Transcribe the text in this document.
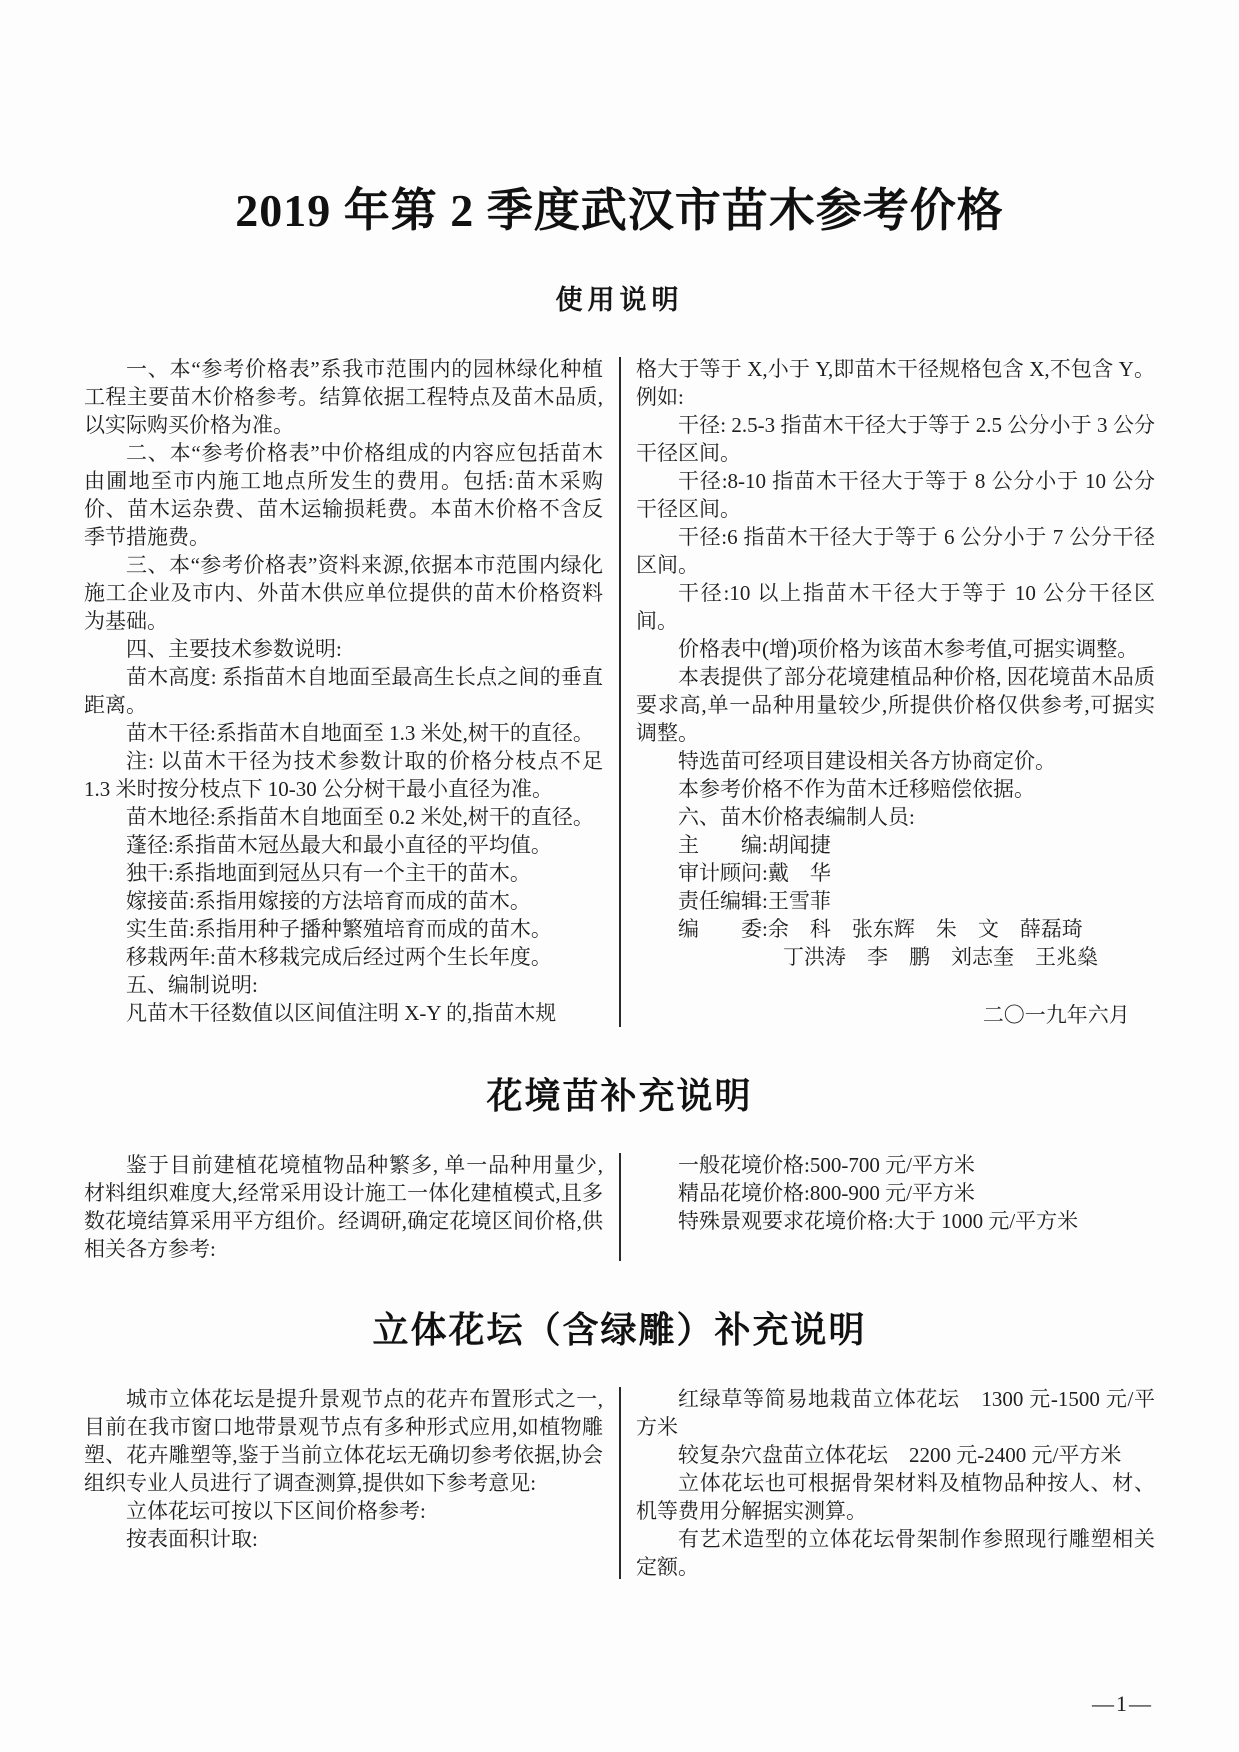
2019 年第 2 季度武汉市苗木参考价格
使用说明

一、本“参考价格表”系我市范围内的园林绿化种植工程主要苗木价格参考。结算依据工程特点及苗木品质,以实际购买价格为准。

二、本“参考价格表”中价格组成的内容应包括苗木由圃地至市内施工地点所发生的费用。包括:苗木采购价、苗木运杂费、苗木运输损耗费。本苗木价格不含反季节措施费。

三、本“参考价格表”资料来源,依据本市范围内绿化施工企业及市内、外苗木供应单位提供的苗木价格资料为基础。

四、主要技术参数说明:

苗木高度: 系指苗木自地面至最高生长点之间的垂直距离。

苗木干径:系指苗木自地面至 1.3 米处,树干的直径。

注: 以苗木干径为技术参数计取的价格分枝点不足 1.3 米时按分枝点下 10-30 公分树干最小直径为准。

苗木地径:系指苗木自地面至 0.2 米处,树干的直径。

蓬径:系指苗木冠丛最大和最小直径的平均值。

独干:系指地面到冠丛只有一个主干的苗木。

嫁接苗:系指用嫁接的方法培育而成的苗木。

实生苗:系指用种子播种繁殖培育而成的苗木。

移栽两年:苗木移栽完成后经过两个生长年度。

五、编制说明:

凡苗木干径数值以区间值注明 X-Y 的,指苗木规

格大于等于 X,小于 Y,即苗木干径规格包含 X,不包含 Y。例如:

干径: 2.5-3 指苗木干径大于等于 2.5 公分小于 3 公分干径区间。

干径:8-10 指苗木干径大于等于 8 公分小于 10 公分干径区间。

干径:6 指苗木干径大于等于 6 公分小于 7 公分干径区间。

干径:10 以上指苗木干径大于等于 10 公分干径区间。

价格表中(增)项价格为该苗木参考值,可据实调整。

本表提供了部分花境建植品种价格, 因花境苗木品质要求高,单一品种用量较少,所提供价格仅供参考,可据实调整。

特选苗可经项目建设相关各方协商定价。

本参考价格不作为苗木迁移赔偿依据。

六、苗木价格表编制人员:

主　　编:胡闻捷

审计顾问:戴　华

责任编辑:王雪菲

编　　委:余　科　张东辉　朱　文　薛磊琦

丁洪涛　李　鹏　刘志奎　王兆燊

二〇一九年六月

花境苗补充说明

鉴于目前建植花境植物品种繁多, 单一品种用量少,材料组织难度大,经常采用设计施工一体化建植模式,且多数花境结算采用平方组价。经调研,确定花境区间价格,供相关各方参考:

一般花境价格:500-700 元/平方米

精品花境价格:800-900 元/平方米

特殊景观要求花境价格:大于 1000 元/平方米

立体花坛（含绿雕）补充说明

城市立体花坛是提升景观节点的花卉布置形式之一,目前在我市窗口地带景观节点有多种形式应用,如植物雕塑、花卉雕塑等,鉴于当前立体花坛无确切参考依据,协会组织专业人员进行了调查测算,提供如下参考意见:

立体花坛可按以下区间价格参考:

按表面积计取:

红绿草等简易地栽苗立体花坛　1300 元-1500 元/平方米

较复杂穴盘苗立体花坛　2200 元-2400 元/平方米

立体花坛也可根据骨架材料及植物品种按人、材、机等费用分解据实测算。

有艺术造型的立体花坛骨架制作参照现行雕塑相关定额。

—1—
